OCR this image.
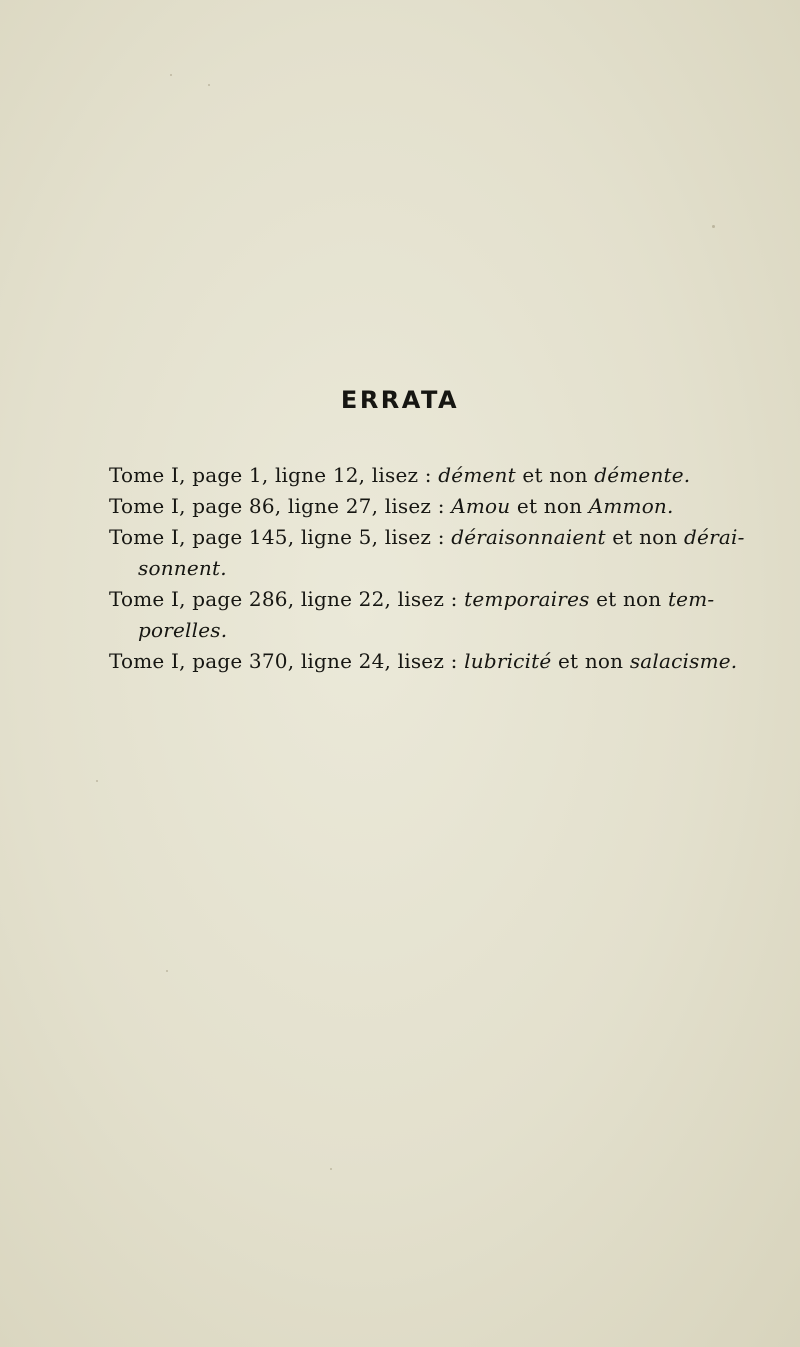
ERRATA
Tome I, page 1, ligne 12, lisez : dément et non démente.
Tome I, page 86, ligne 27, lisez : Amou et non Ammon.
Tome I, page 145, ligne 5, lisez : déraisonnaient et non dérai-
sonnent.
Tome I, page 286, ligne 22, lisez : temporaires et non tem-
porelles.
Tome I, page 370, ligne 24, lisez : lubricité et non salacisme.
